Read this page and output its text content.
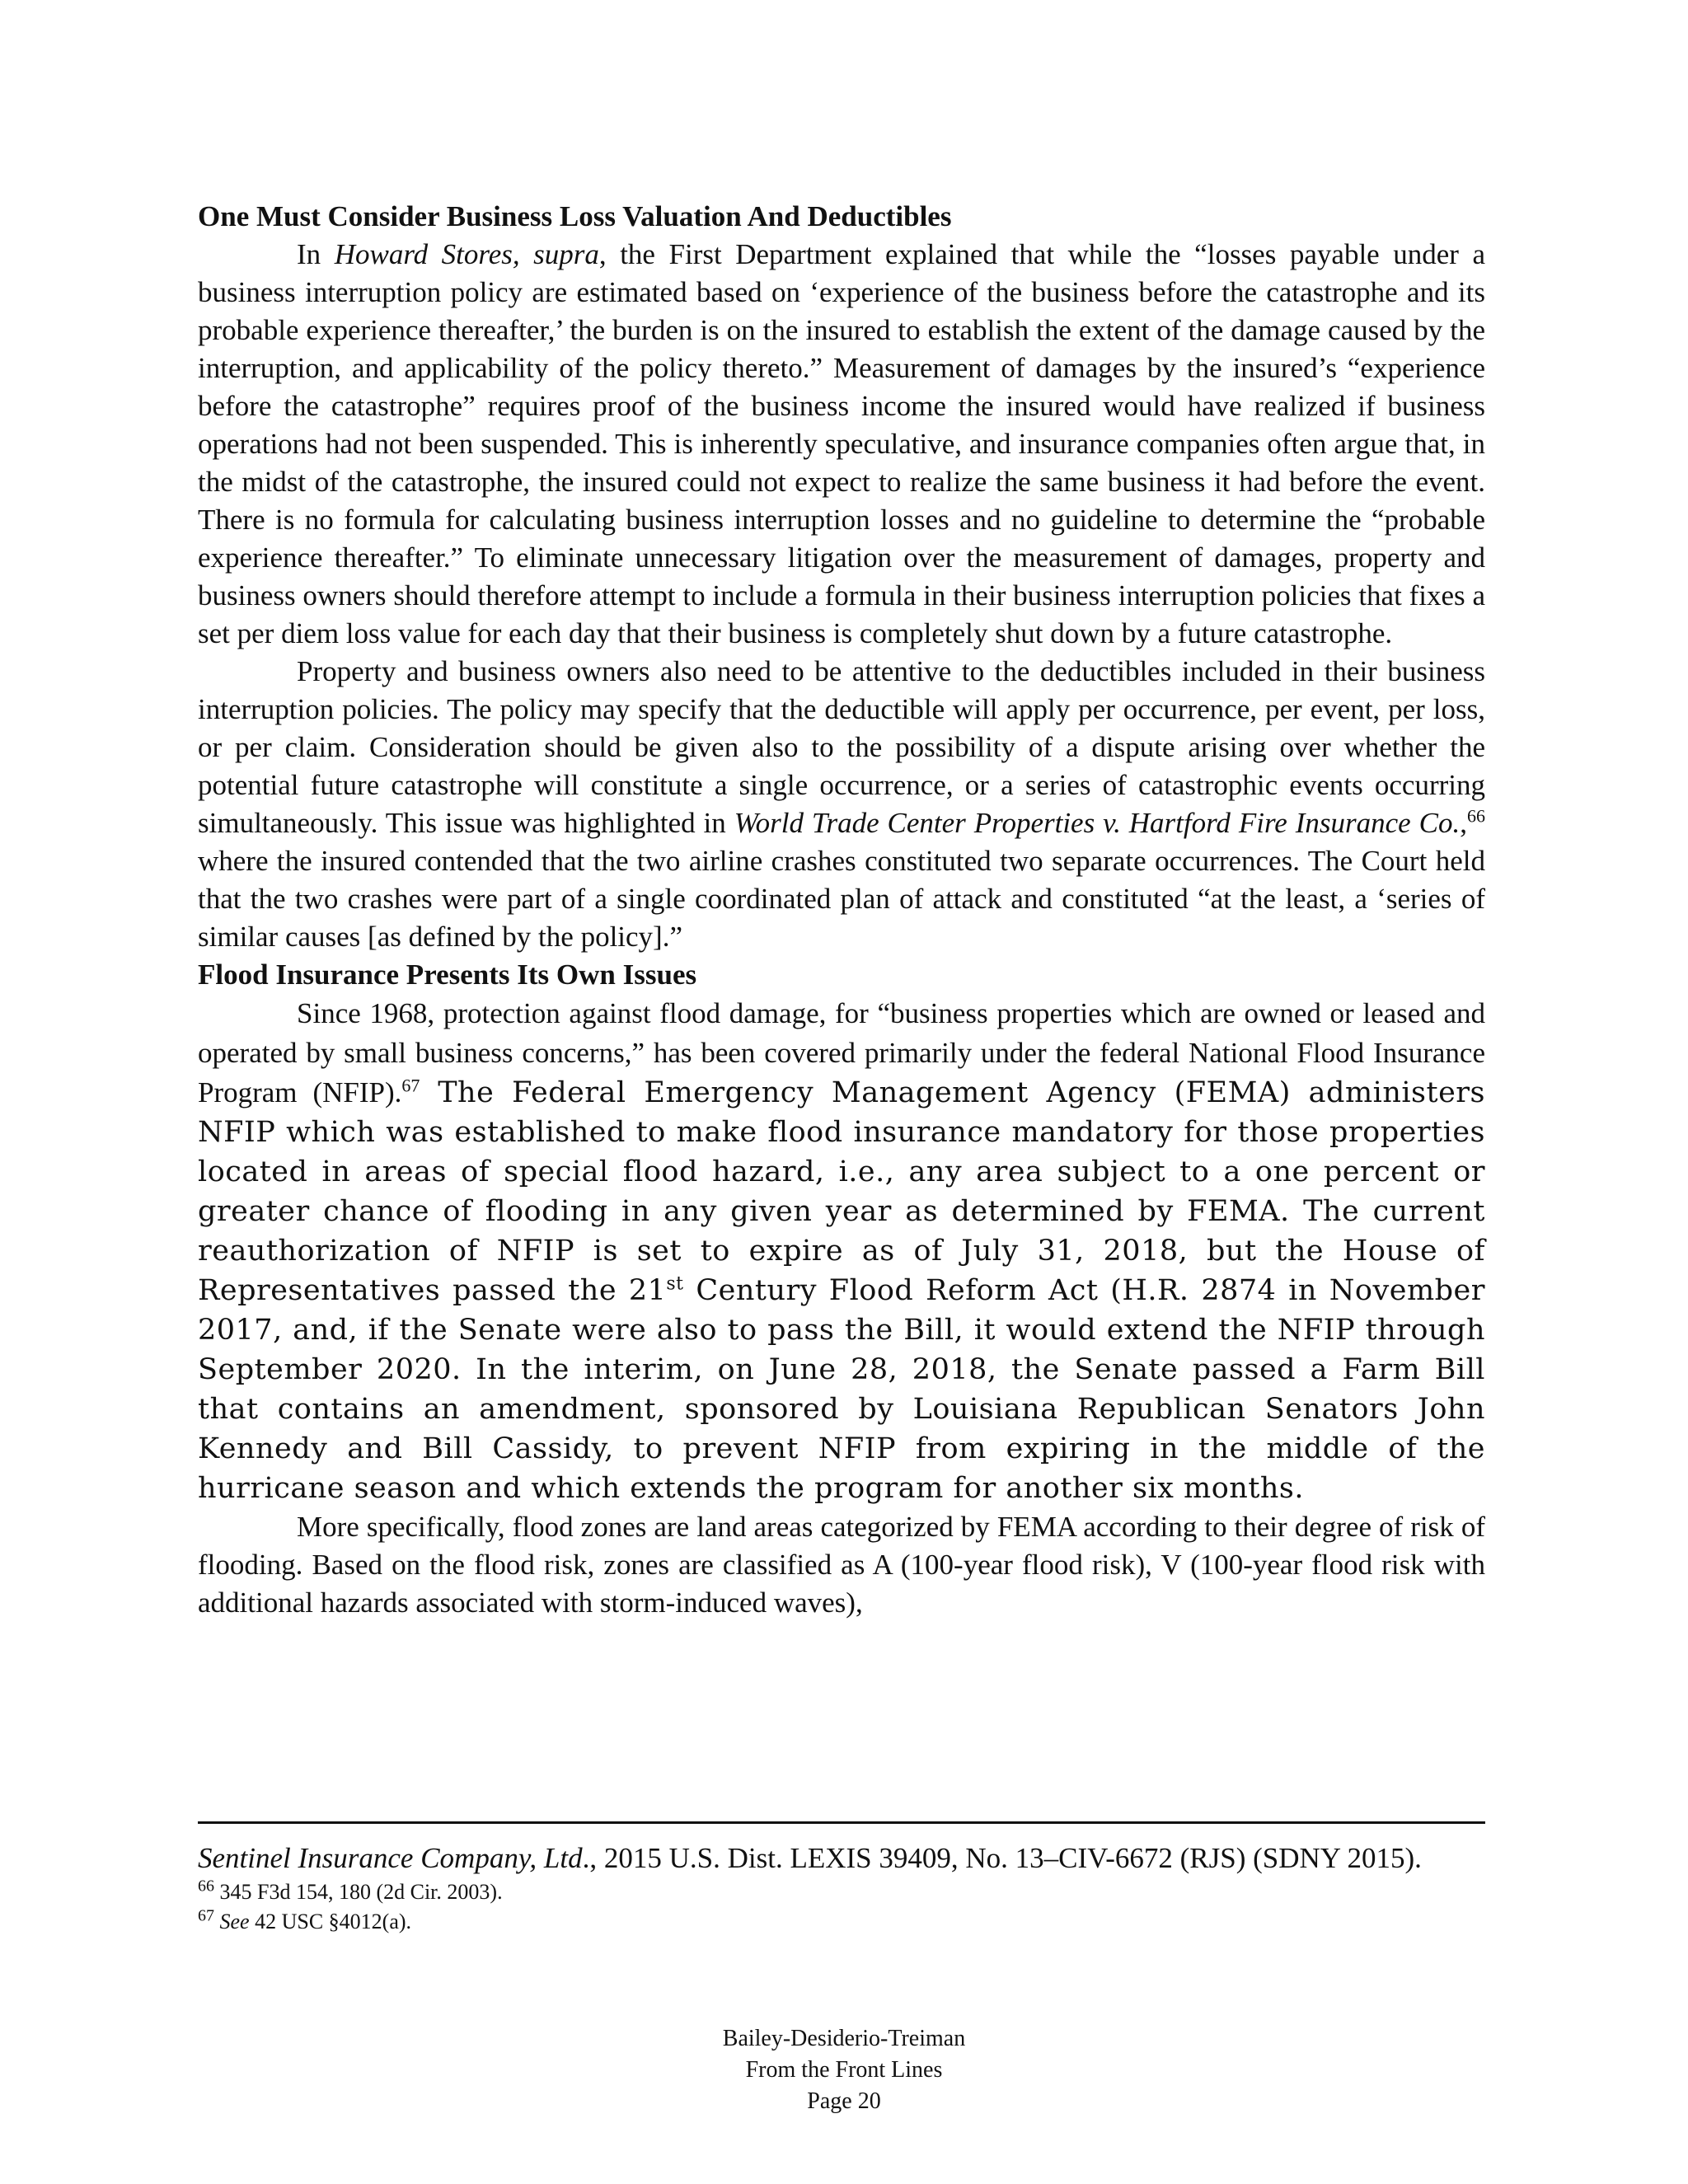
One Must Consider Business Loss Valuation And Deductibles

In Howard Stores, supra, the First Department explained that while the “losses payable under a business interruption policy are estimated based on ‘experience of the business before the catastrophe and its probable experience thereafter,’ the burden is on the insured to establish the extent of the damage caused by the interruption, and applicability of the policy thereto.” Measurement of damages by the insured’s “experience before the catastrophe” requires proof of the business income the insured would have realized if business operations had not been suspended. This is inherently speculative, and insurance companies often argue that, in the midst of the catastrophe, the insured could not expect to realize the same business it had before the event. There is no formula for calculating business interruption losses and no guideline to determine the “probable experience thereafter.” To eliminate unnecessary litigation over the measurement of damages, property and business owners should therefore attempt to include a formula in their business interruption policies that fixes a set per diem loss value for each day that their business is completely shut down by a future catastrophe.

Property and business owners also need to be attentive to the deductibles included in their business interruption policies. The policy may specify that the deductible will apply per occurrence, per event, per loss, or per claim. Consideration should be given also to the possibility of a dispute arising over whether the potential future catastrophe will constitute a single occurrence, or a series of catastrophic events occurring simultaneously. This issue was highlighted in World Trade Center Properties v. Hartford Fire Insurance Co.,$^{66}$ where the insured contended that the two airline crashes constituted two separate occurrences. The Court held that the two crashes were part of a single coordinated plan of attack and constituted “at the least, a ‘series of similar causes [as defined by the policy].”

Flood Insurance Presents Its Own Issues

Since 1968, protection against flood damage, for “business properties which are owned or leased and operated by small business concerns,” has been covered primarily under the federal National Flood Insurance Program (NFIP).$^{67}$ The Federal Emergency Management Agency (FEMA) administers NFIP which was established to make flood insurance mandatory for those properties located in areas of special flood hazard, i.e., any area subject to a one percent or greater chance of flooding in any given year as determined by FEMA. The current reauthorization of NFIP is set to expire as of July 31, 2018, but the House of Representatives passed the 21st Century Flood Reform Act (H.R. 2874 in November 2017, and, if the Senate were also to pass the Bill, it would extend the NFIP through September 2020. In the interim, on June 28, 2018, the Senate passed a Farm Bill that contains an amendment, sponsored by Louisiana Republican Senators John Kennedy and Bill Cassidy, to prevent NFIP from expiring in the middle of the hurricane season and which extends the program for another six months.

More specifically, flood zones are land areas categorized by FEMA according to their degree of risk of flooding. Based on the flood risk, zones are classified as A (100-year flood risk), V (100-year flood risk with additional hazards associated with storm-induced waves),

Sentinel Insurance Company, Ltd., 2015 U.S. Dist. LEXIS 39409, No. 13–CIV-6672 (RJS) (SDNY 2015).

$^{66}$ 345 F3d 154, 180 (2d Cir. 2003).

$^{67}$ See 42 USC §4012(a).

Bailey-Desiderio-Treiman
From the Front Lines
Page 20
